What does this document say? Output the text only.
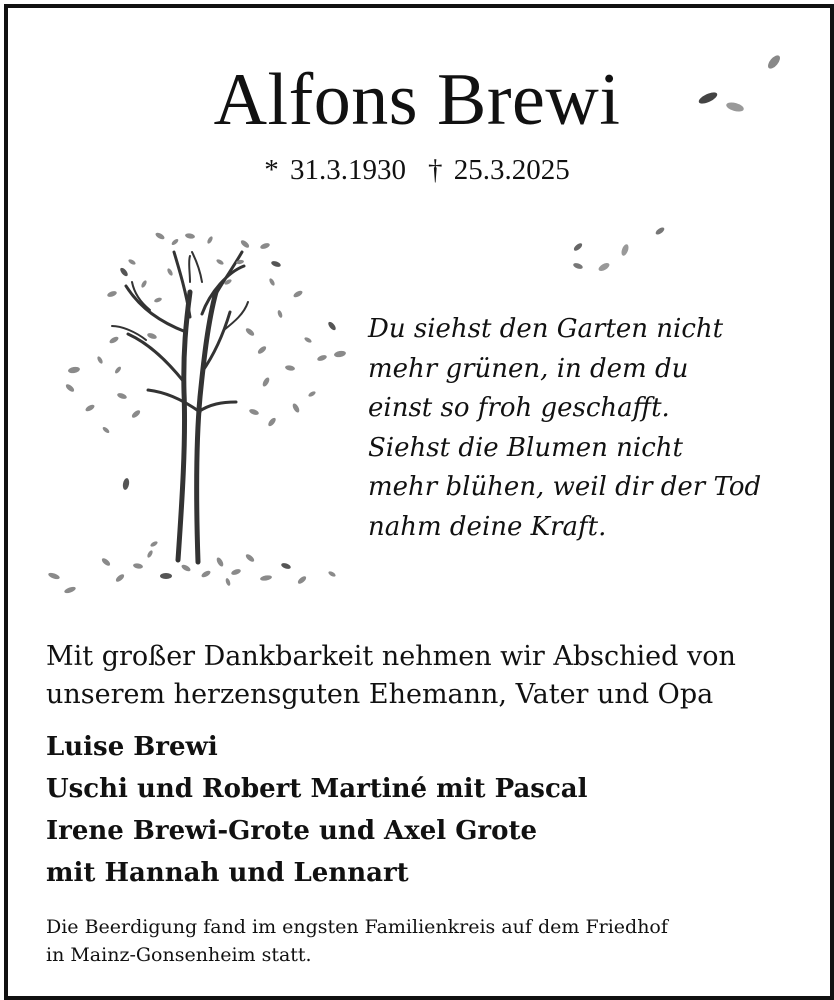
Alfons Brewi
* 31.3.1930 † 25.3.2025
Du siehst den Garten nicht
mehr grünen, in dem du
einst so froh geschafft.
Siehst die Blumen nicht
mehr blühen, weil dir der Tod
nahm deine Kraft.
Mit großer Dankbarkeit nehmen wir Abschied von
unserem herzensguten Ehemann, Vater und Opa
Luise Brewi
Uschi und Robert Martiné mit Pascal
Irene Brewi-Grote und Axel Grote
mit Hannah und Lennart
Die Beerdigung fand im engsten Familienkreis auf dem Friedhof
in Mainz-Gonsenheim statt.
